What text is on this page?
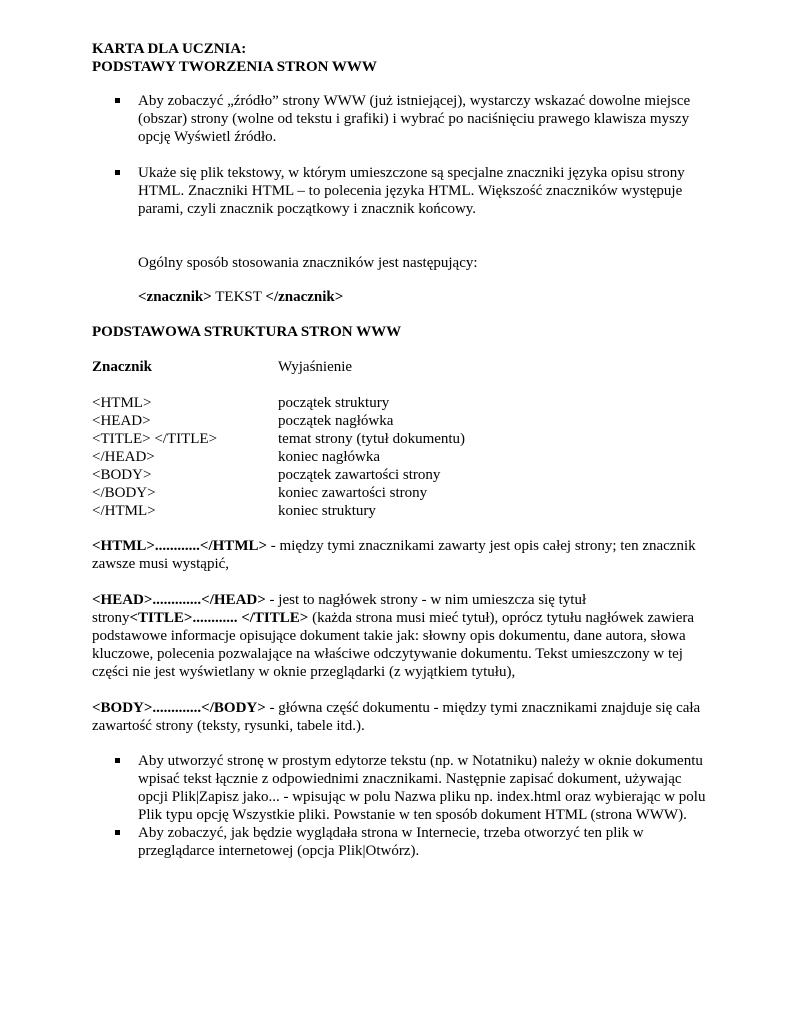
KARTA DLA UCZNIA:

PODSTAWY TWORZENIA STRON WWW

Aby zobaczyć „źródło” strony WWW (już istniejącej), wystarczy wskazać dowolne miejsce (obszar) strony (wolne od tekstu i grafiki) i wybrać po naciśnięciu prawego klawisza myszy opcję Wyświetl źródło.
Ukaże się plik tekstowy, w którym umieszczone są specjalne znaczniki języka opisu strony HTML. Znaczniki HTML – to polecenia języka HTML. Większość znaczników występuje parami, czyli znacznik początkowy i znacznik końcowy.

Ogólny sposób stosowania znaczników jest następujący:

<znacznik> TEKST </znacznik>

PODSTAWOWA STRUKTURA STRON WWW

Znacznik	Wyjaśnienie
<HTML>	początek struktury
<HEAD>	początek nagłówka
<TITLE> </TITLE>	temat strony (tytuł dokumentu)
</HEAD>	koniec nagłówka
<BODY>	początek zawartości strony
</BODY>	koniec zawartości strony
</HTML>	koniec struktury

<HTML>............</HTML> - między tymi znacznikami zawarty jest opis całej strony; ten znacznik zawsze musi wystąpić,

<HEAD>.............</HEAD> - jest to nagłówek strony - w nim umieszcza się tytuł strony<TITLE>............ </TITLE> (każda strona musi mieć tytuł), oprócz tytułu nagłówek zawiera podstawowe informacje opisujące dokument takie jak: słowny opis dokumentu, dane autora, słowa kluczowe, polecenia pozwalające na właściwe odczytywanie dokumentu. Tekst umieszczony w tej części nie jest wyświetlany w oknie przeglądarki (z wyjątkiem tytułu),

<BODY>.............</BODY> - główna część dokumentu - między tymi znacznikami znajduje się cała zawartość strony (teksty, rysunki, tabele itd.).

Aby utworzyć stronę w prostym edytorze tekstu (np. w Notatniku) należy w oknie dokumentu wpisać tekst łącznie z odpowiednimi znacznikami. Następnie zapisać dokument, używając opcji Plik|Zapisz jako... - wpisując w polu Nazwa pliku np. index.html oraz wybierając w polu Plik typu opcję Wszystkie pliki. Powstanie w ten sposób dokument HTML (strona WWW).
Aby zobaczyć, jak będzie wyglądała strona w Internecie, trzeba otworzyć ten plik w przeglądarce internetowej (opcja Plik|Otwórz).
